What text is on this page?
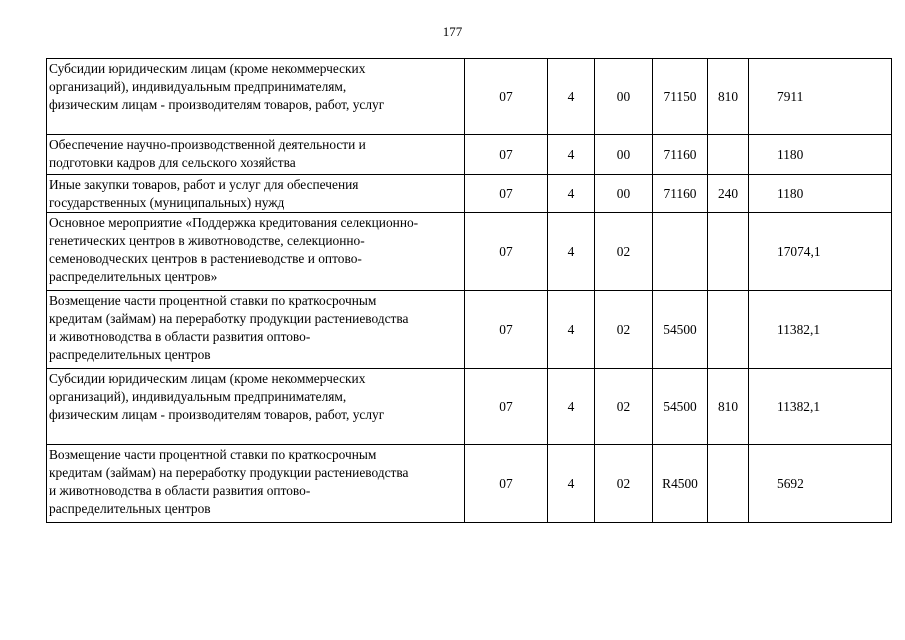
177
Субсидии юридическим лицам (кроме некоммерческих
организаций), индивидуальным предпринимателям,
физическим лицам - производителям товаров, работ, услуг	07	4	00	71150	810	7911

Обеспечение научно-производственной деятельности и
подготовки кадров для сельского хозяйства	07	4	00	71160		1180

Иные закупки товаров, работ и услуг для обеспечения
государственных (муниципальных) нужд	07	4	00	71160	240	1180

Основное мероприятие «Поддержка кредитования селекционно-
генетических центров в животноводстве, селекционно-
семеноводческих центров в растениеводстве и оптово-
распределительных центров»	07	4	02			17074,1

Возмещение части процентной ставки по краткосрочным
кредитам (займам) на переработку продукции растениеводства
и животноводства в области развития оптово-
распределительных центров	07	4	02	54500		11382,1

Субсидии юридическим лицам (кроме некоммерческих
организаций), индивидуальным предпринимателям,
физическим лицам - производителям товаров, работ, услуг	07	4	02	54500	810	11382,1

Возмещение части процентной ставки по краткосрочным
кредитам (займам) на переработку продукции растениеводства
и животноводства в области развития оптово-
распределительных центров	07	4	02	R4500		5692
